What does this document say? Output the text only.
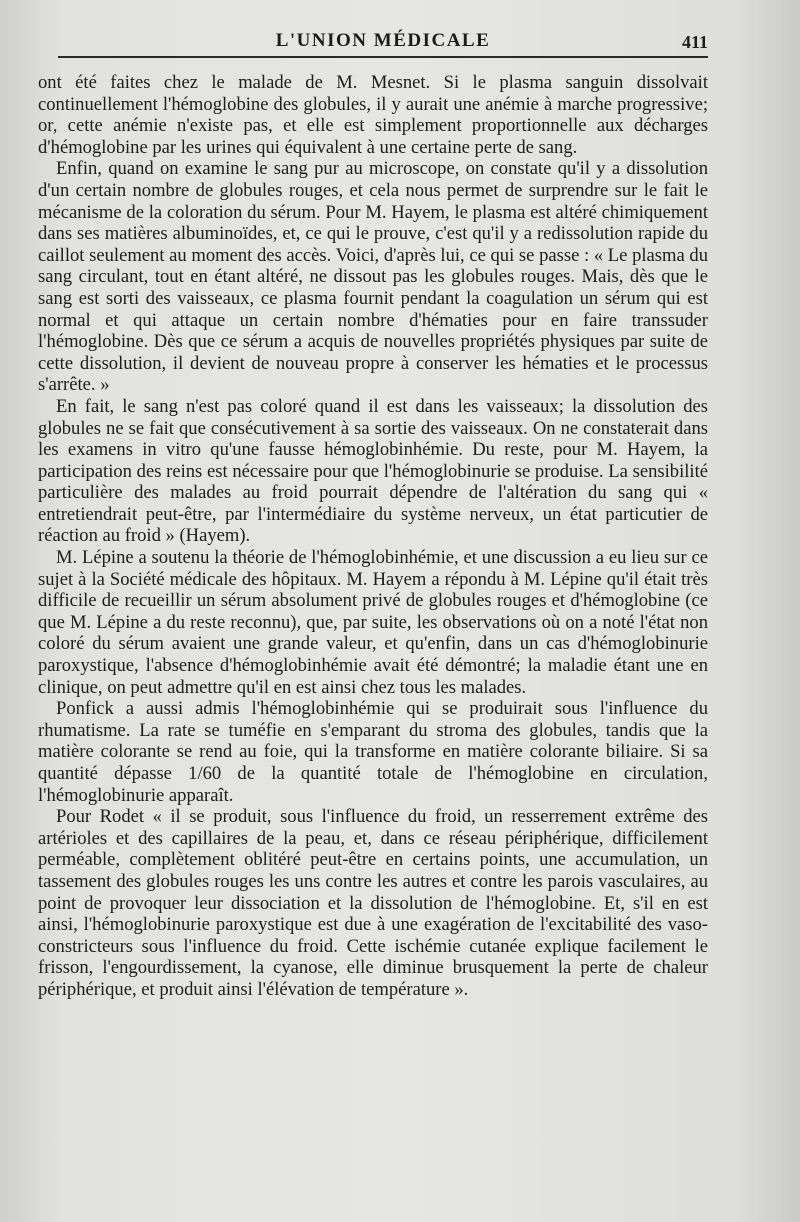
L'UNION MÉDICALE	411

ont été faites chez le malade de M. Mesnet. Si le plasma sanguin dissolvait continuellement l'hémoglobine des globules, il y aurait une anémie à marche progressive; or, cette anémie n'existe pas, et elle est simplement proportionnelle aux décharges d'hémoglobine par les urines qui équivalent à une certaine perte de sang.

Enfin, quand on examine le sang pur au microscope, on constate qu'il y a dissolution d'un certain nombre de globules rouges, et cela nous permet de surprendre sur le fait le mécanisme de la coloration du sérum. Pour M. Hayem, le plasma est altéré chimiquement dans ses matières albuminoïdes, et, ce qui le prouve, c'est qu'il y a redissolution rapide du caillot seulement au moment des accès. Voici, d'après lui, ce qui se passe : « Le plasma du sang circulant, tout en étant altéré, ne dissout pas les globules rouges. Mais, dès que le sang est sorti des vaisseaux, ce plasma fournit pendant la coagulation un sérum qui est normal et qui attaque un certain nombre d'hématies pour en faire transsuder l'hémoglobine. Dès que ce sérum a acquis de nouvelles propriétés physiques par suite de cette dissolution, il devient de nouveau propre à conserver les hématies et le processus s'arrête. »

En fait, le sang n'est pas coloré quand il est dans les vaisseaux; la dissolution des globules ne se fait que consécutivement à sa sortie des vaisseaux. On ne constaterait dans les examens in vitro qu'une fausse hémoglobinhémie. Du reste, pour M. Hayem, la participation des reins est nécessaire pour que l'hémoglobinurie se produise. La sensibilité particulière des malades au froid pourrait dépendre de l'altération du sang qui « entretiendrait peut-être, par l'intermédiaire du système nerveux, un état particutier de réaction au froid » (Hayem).

M. Lépine a soutenu la théorie de l'hémoglobinhémie, et une discussion a eu lieu sur ce sujet à la Société médicale des hôpitaux. M. Hayem a répondu à M. Lépine qu'il était très difficile de recueillir un sérum absolument privé de globules rouges et d'hémoglobine (ce que M. Lépine a du reste reconnu), que, par suite, les observations où on a noté l'état non coloré du sérum avaient une grande valeur, et qu'enfin, dans un cas d'hémoglobinurie paroxystique, l'absence d'hémoglobinhémie avait été démontré; la maladie étant une en clinique, on peut admettre qu'il en est ainsi chez tous les malades.

Ponfick a aussi admis l'hémoglobinhémie qui se produirait sous l'influence du rhumatisme. La rate se tuméfie en s'emparant du stroma des globules, tandis que la matière colorante se rend au foie, qui la transforme en matière colorante biliaire. Si sa quantité dépasse 1/60 de la quantité totale de l'hémoglobine en circulation, l'hémoglobinurie apparaît.

Pour Rodet « il se produit, sous l'influence du froid, un resserrement extrême des artérioles et des capillaires de la peau, et, dans ce réseau périphérique, difficilement perméable, complètement oblitéré peut-être en certains points, une accumulation, un tassement des globules rouges les uns contre les autres et contre les parois vasculaires, au point de provoquer leur dissociation et la dissolution de l'hémoglobine. Et, s'il en est ainsi, l'hémoglobinurie paroxystique est due à une exagération de l'excitabilité des vaso-constricteurs sous l'influence du froid. Cette ischémie cutanée explique facilement le frisson, l'engourdissement, la cyanose, elle diminue brusquement la perte de chaleur périphérique, et produit ainsi l'élévation de température ».
